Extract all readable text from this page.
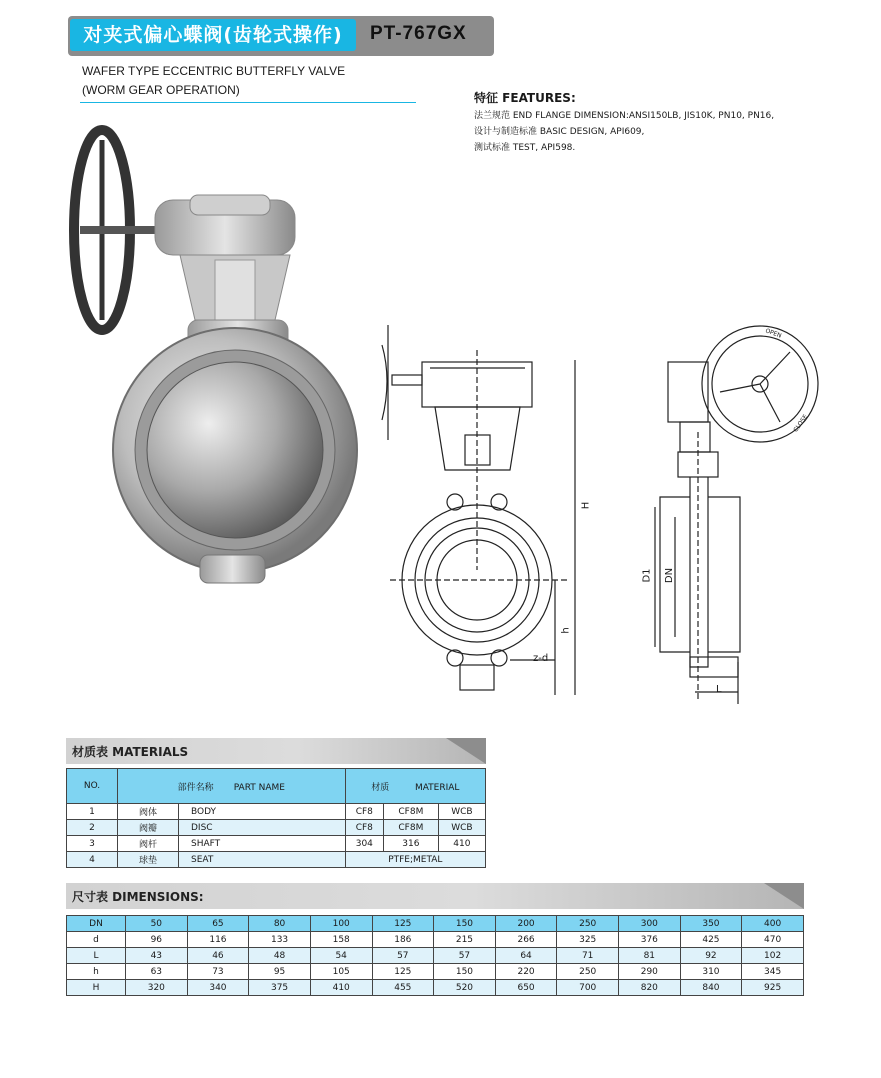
对夹式偏心蝶阀(齿轮式操作)	PT-767GX
WAFER TYPE ECCENTRIC BUTTERFLY VALVE
(WORM GEAR OPERATION)
特征 FEATURES:
法兰规范 END FLANGE DIMENSION:ANSI150LB, JIS10K, PN10, PN16,
设计与制造标准 BASIC DESIGN, API609,
测试标准 TEST, API598.
H
h
z-d
D1 DN
L
OPEN
CLOSE
材质表 MATERIALS
NO.	部件名称 PART NAME		材质 MATERIAL		
1	阀体	BODY	CF8	CF8M	WCB
2	阀瓣	DISC	CF8	CF8M	WCB
3	阀杆	SHAFT	304	316	410
4	球垫	SEAT	PTFE;METAL		
尺寸表 DIMENSIONS:
DN	50	65	80	100	125	150	200	250	300	350	400
d	96	116	133	158	186	215	266	325	376	425	470
L	43	46	48	54	57	57	64	71	81	92	102
h	63	73	95	105	125	150	220	250	290	310	345
H	320	340	375	410	455	520	650	700	820	840	925
